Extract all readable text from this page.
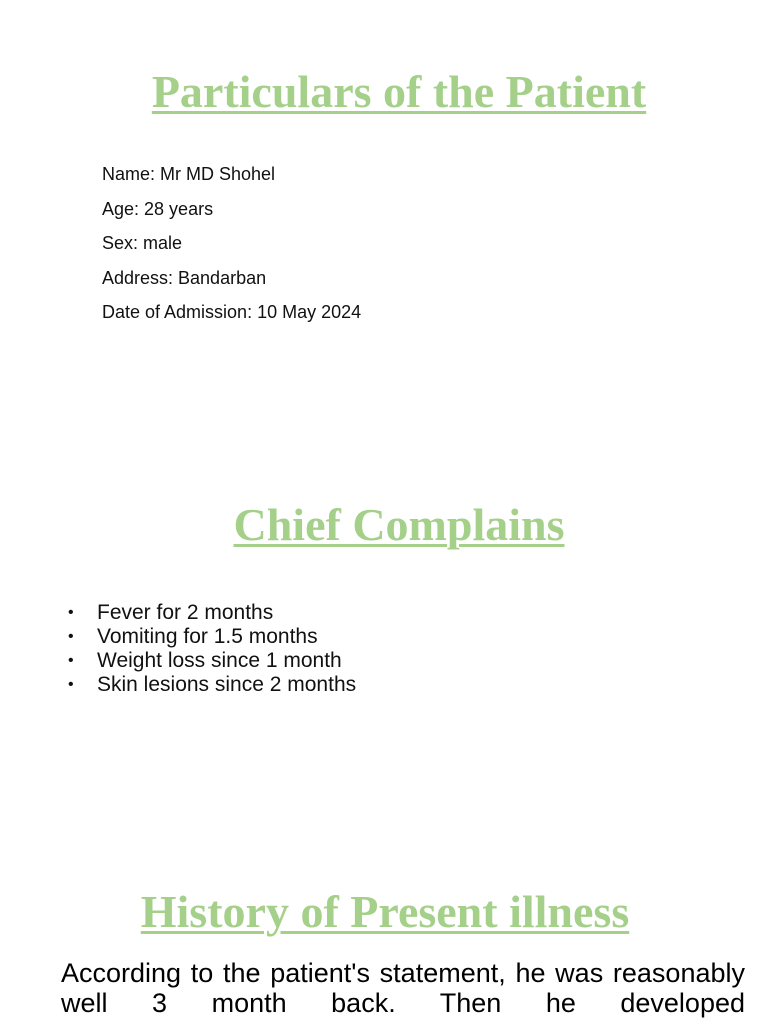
Particulars of the Patient
Name: Mr MD Shohel
Age: 28 years
Sex: male
Address: Bandarban
Date of Admission: 10 May 2024
Chief Complains
• Fever for 2 months
• Vomiting for 1.5 months
• Weight loss since 1 month
• Skin lesions since 2 months
History of Present illness

According to the patient's statement, he was reasonably well 3 month back. Then he developed
